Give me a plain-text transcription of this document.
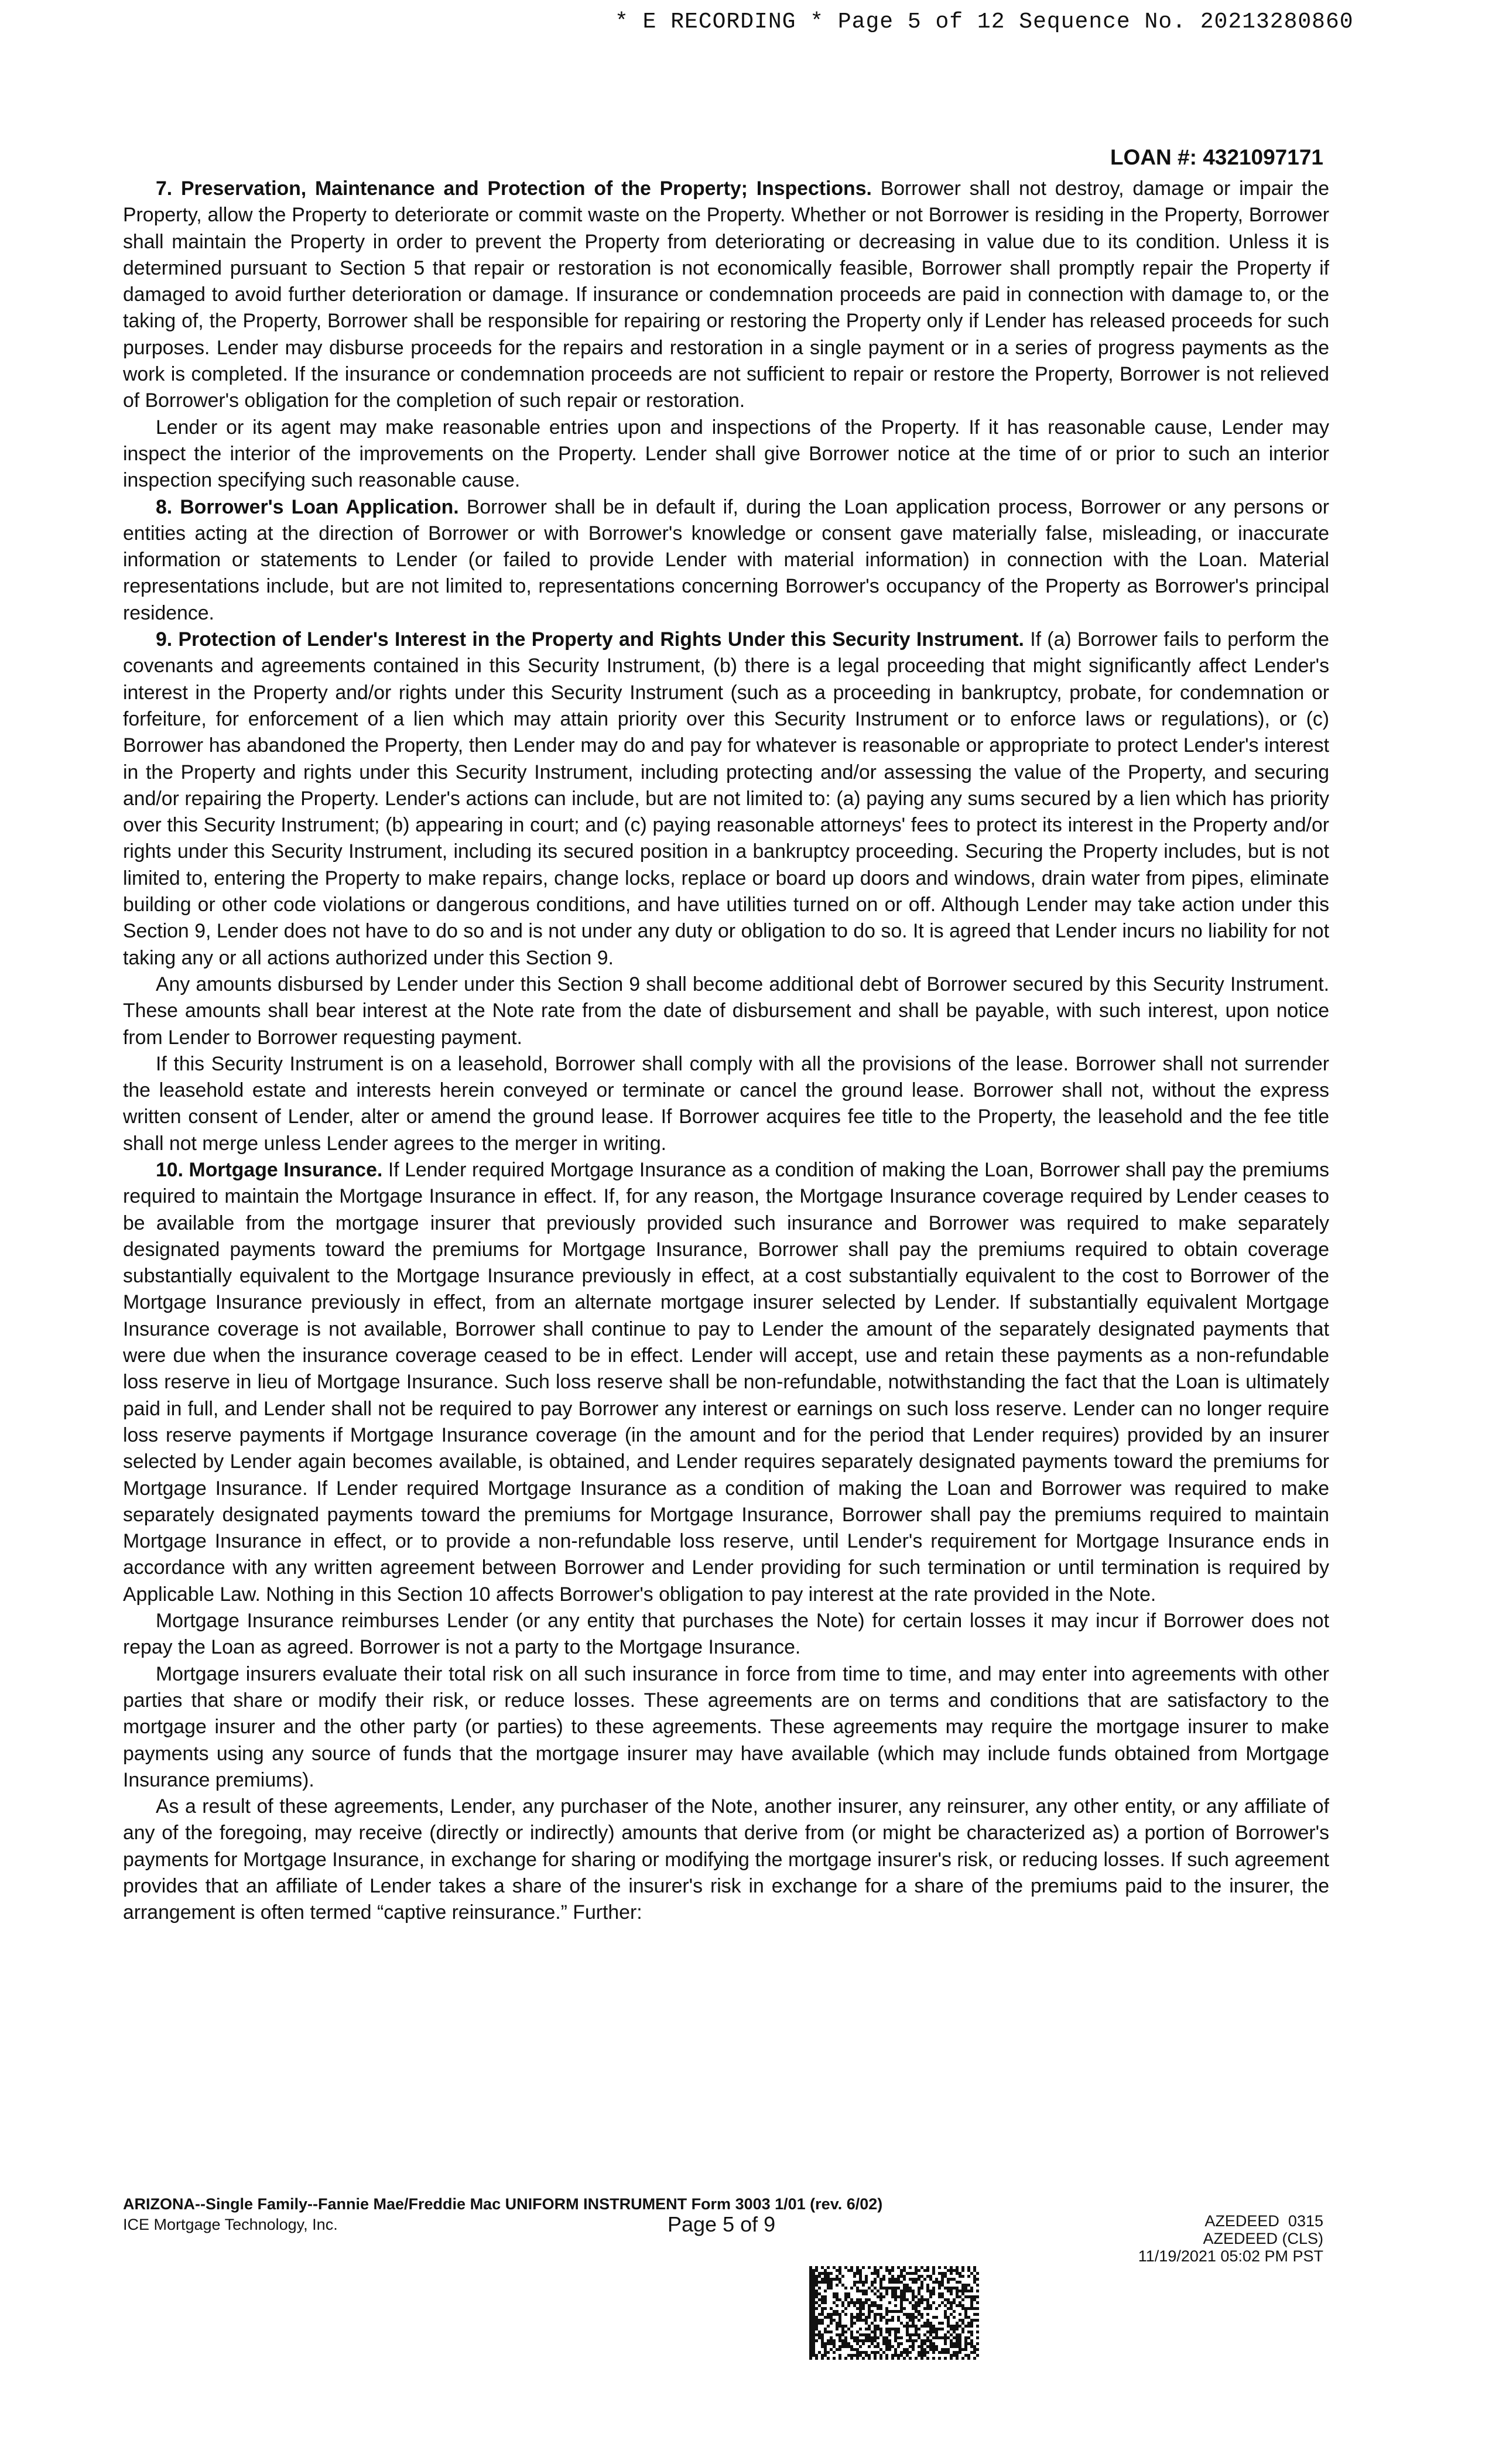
* E RECORDING * Page 5 of 12 Sequence No. 20213280860
LOAN #: 4321097171

7. Preservation, Maintenance and Protection of the Property; Inspections. Borrower shall not destroy, damage or impair the Property, allow the Property to deteriorate or commit waste on the Property. Whether or not Borrower is residing in the Property, Borrower shall maintain the Property in order to prevent the Property from deteriorating or decreasing in value due to its condition. Unless it is determined pursuant to Section 5 that repair or restoration is not economically feasible, Borrower shall promptly repair the Property if damaged to avoid further deterioration or damage. If insurance or condemnation proceeds are paid in connection with damage to, or the taking of, the Property, Borrower shall be responsible for repairing or restoring the Property only if Lender has released proceeds for such purposes. Lender may disburse proceeds for the repairs and restoration in a single payment or in a series of progress payments as the work is completed. If the insurance or condemnation proceeds are not sufficient to repair or restore the Property, Borrower is not relieved of Borrower's obligation for the completion of such repair or restoration.

Lender or its agent may make reasonable entries upon and inspections of the Property. If it has reasonable cause, Lender may inspect the interior of the improvements on the Property. Lender shall give Borrower notice at the time of or prior to such an interior inspection specifying such reasonable cause.

8. Borrower's Loan Application. Borrower shall be in default if, during the Loan application process, Borrower or any persons or entities acting at the direction of Borrower or with Borrower's knowledge or consent gave materially false, misleading, or inaccurate information or statements to Lender (or failed to provide Lender with material information) in connection with the Loan. Material representations include, but are not limited to, representations concerning Borrower's occupancy of the Property as Borrower's principal residence.

9. Protection of Lender's Interest in the Property and Rights Under this Security Instrument. If (a) Borrower fails to perform the covenants and agreements contained in this Security Instrument, (b) there is a legal proceeding that might significantly affect Lender's interest in the Property and/or rights under this Security Instrument (such as a proceeding in bankruptcy, probate, for condemnation or forfeiture, for enforcement of a lien which may attain priority over this Security Instrument or to enforce laws or regulations), or (c) Borrower has abandoned the Property, then Lender may do and pay for whatever is reasonable or appropriate to protect Lender's interest in the Property and rights under this Security Instrument, including protecting and/or assessing the value of the Property, and securing and/or repairing the Property. Lender's actions can include, but are not limited to: (a) paying any sums secured by a lien which has priority over this Security Instrument; (b) appearing in court; and (c) paying reasonable attorneys' fees to protect its interest in the Property and/or rights under this Security Instrument, including its secured position in a bankruptcy proceeding. Securing the Property includes, but is not limited to, entering the Property to make repairs, change locks, replace or board up doors and windows, drain water from pipes, eliminate building or other code violations or dangerous conditions, and have utilities turned on or off. Although Lender may take action under this Section 9, Lender does not have to do so and is not under any duty or obligation to do so. It is agreed that Lender incurs no liability for not taking any or all actions authorized under this Section 9.

Any amounts disbursed by Lender under this Section 9 shall become additional debt of Borrower secured by this Security Instrument. These amounts shall bear interest at the Note rate from the date of disbursement and shall be payable, with such interest, upon notice from Lender to Borrower requesting payment.

If this Security Instrument is on a leasehold, Borrower shall comply with all the provisions of the lease. Borrower shall not surrender the leasehold estate and interests herein conveyed or terminate or cancel the ground lease. Borrower shall not, without the express written consent of Lender, alter or amend the ground lease. If Borrower acquires fee title to the Property, the leasehold and the fee title shall not merge unless Lender agrees to the merger in writing.

10. Mortgage Insurance. If Lender required Mortgage Insurance as a condition of making the Loan, Borrower shall pay the premiums required to maintain the Mortgage Insurance in effect. If, for any reason, the Mortgage Insurance coverage required by Lender ceases to be available from the mortgage insurer that previously provided such insurance and Borrower was required to make separately designated payments toward the premiums for Mortgage Insurance, Borrower shall pay the premiums required to obtain coverage substantially equivalent to the Mortgage Insurance previously in effect, at a cost substantially equivalent to the cost to Borrower of the Mortgage Insurance previously in effect, from an alternate mortgage insurer selected by Lender. If substantially equivalent Mortgage Insurance coverage is not available, Borrower shall continue to pay to Lender the amount of the separately designated payments that were due when the insurance coverage ceased to be in effect. Lender will accept, use and retain these payments as a non-refundable loss reserve in lieu of Mortgage Insurance. Such loss reserve shall be non-refundable, notwithstanding the fact that the Loan is ultimately paid in full, and Lender shall not be required to pay Borrower any interest or earnings on such loss reserve. Lender can no longer require loss reserve payments if Mortgage Insurance coverage (in the amount and for the period that Lender requires) provided by an insurer selected by Lender again becomes available, is obtained, and Lender requires separately designated payments toward the premiums for Mortgage Insurance. If Lender required Mortgage Insurance as a condition of making the Loan and Borrower was required to make separately designated payments toward the premiums for Mortgage Insurance, Borrower shall pay the premiums required to maintain Mortgage Insurance in effect, or to provide a non-refundable loss reserve, until Lender's requirement for Mortgage Insurance ends in accordance with any written agreement between Borrower and Lender providing for such termination or until termination is required by Applicable Law. Nothing in this Section 10 affects Borrower's obligation to pay interest at the rate provided in the Note.

Mortgage Insurance reimburses Lender (or any entity that purchases the Note) for certain losses it may incur if Borrower does not repay the Loan as agreed. Borrower is not a party to the Mortgage Insurance.

Mortgage insurers evaluate their total risk on all such insurance in force from time to time, and may enter into agreements with other parties that share or modify their risk, or reduce losses. These agreements are on terms and conditions that are satisfactory to the mortgage insurer and the other party (or parties) to these agreements. These agreements may require the mortgage insurer to make payments using any source of funds that the mortgage insurer may have available (which may include funds obtained from Mortgage Insurance premiums).

As a result of these agreements, Lender, any purchaser of the Note, another insurer, any reinsurer, any other entity, or any affiliate of any of the foregoing, may receive (directly or indirectly) amounts that derive from (or might be characterized as) a portion of Borrower's payments for Mortgage Insurance, in exchange for sharing or modifying the mortgage insurer's risk, or reducing losses. If such agreement provides that an affiliate of Lender takes a share of the insurer's risk in exchange for a share of the premiums paid to the insurer, the arrangement is often termed “captive reinsurance.” Further:

ARIZONA--Single Family--Fannie Mae/Freddie Mac UNIFORM INSTRUMENT Form 3003 1/01 (rev. 6/02)
ICE Mortgage Technology, Inc.	Page 5 of 9	AZEDEED  0315
AZEDEED (CLS)
11/19/2021 05:02 PM PST
